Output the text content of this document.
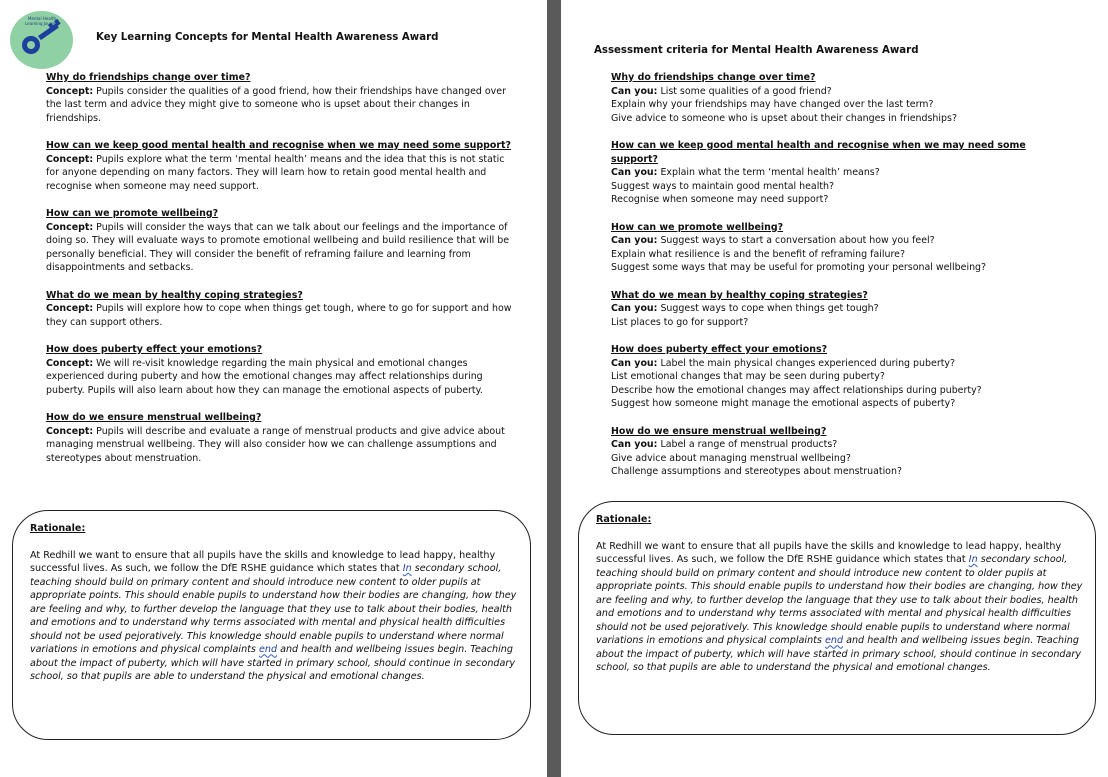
Mental Health Learning Journey
Key Learning Concepts for Mental Health Awareness Award

Why do friendships change over time?

Concept: Pupils consider the qualities of a good friend, how their friendships have changed over the last term and advice they might give to someone who is upset about their changes in friendships.

How can we keep good mental health and recognise when we may need some support?

Concept: Pupils explore what the term ‘mental health’ means and the idea that this is not static for anyone depending on many factors. They will learn how to retain good mental health and recognise when someone may need support.

How can we promote wellbeing?

Concept: Pupils will consider the ways that can we talk about our feelings and the importance of doing so. They will evaluate ways to promote emotional wellbeing and build resilience that will be personally beneficial. They will consider the benefit of reframing failure and learning from disappointments and setbacks.

What do we mean by healthy coping strategies?

Concept: Pupils will explore how to cope when things get tough, where to go for support and how they can support others.

How does puberty effect your emotions?

Concept: We will re-visit knowledge regarding the main physical and emotional changes experienced during puberty and how the emotional changes may affect relationships during puberty. Pupils will also learn about how they can manage the emotional aspects of puberty.

How do we ensure menstrual wellbeing?

Concept: Pupils will describe and evaluate a range of menstrual products and give advice about managing menstrual wellbeing. They will also consider how we can challenge assumptions and stereotypes about menstruation.

Rationale:

At Redhill we want to ensure that all pupils have the skills and knowledge to lead happy, healthy successful lives. As such, we follow the DfE RSHE guidance which states that In secondary school, teaching should build on primary content and should introduce new content to older pupils at appropriate points. This should enable pupils to understand how their bodies are changing, how they are feeling and why, to further develop the language that they use to talk about their bodies, health and emotions and to understand why terms associated with mental and physical health difficulties should not be used pejoratively. This knowledge should enable pupils to understand where normal variations in emotions and physical complaints end and health and wellbeing issues begin. Teaching about the impact of puberty, which will have started in primary school, should continue in secondary school, so that pupils are able to understand the physical and emotional changes.

Assessment criteria for Mental Health Awareness Award

Why do friendships change over time?

Can you: List some qualities of a good friend?

Explain why your friendships may have changed over the last term?

Give advice to someone who is upset about their changes in friendships?

How can we keep good mental health and recognise when we may need some support?

Can you: Explain what the term ‘mental health’ means?

Suggest ways to maintain good mental health?

Recognise when someone may need support?

How can we promote wellbeing?

Can you: Suggest ways to start a conversation about how you feel?

Explain what resilience is and the benefit of reframing failure?

Suggest some ways that may be useful for promoting your personal wellbeing?

What do we mean by healthy coping strategies?

Can you: Suggest ways to cope when things get tough?

List places to go for support?

How does puberty effect your emotions?

Can you: Label the main physical changes experienced during puberty?

List emotional changes that may be seen during puberty?

Describe how the emotional changes may affect relationships during puberty?

Suggest how someone might manage the emotional aspects of puberty?

How do we ensure menstrual wellbeing?

Can you: Label a range of menstrual products?

Give advice about managing menstrual wellbeing?

Challenge assumptions and stereotypes about menstruation?

Rationale:

At Redhill we want to ensure that all pupils have the skills and knowledge to lead happy, healthy successful lives. As such, we follow the DfE RSHE guidance which states that In secondary school, teaching should build on primary content and should introduce new content to older pupils at appropriate points. This should enable pupils to understand how their bodies are changing, how they are feeling and why, to further develop the language that they use to talk about their bodies, health and emotions and to understand why terms associated with mental and physical health difficulties should not be used pejoratively. This knowledge should enable pupils to understand where normal variations in emotions and physical complaints end and health and wellbeing issues begin. Teaching about the impact of puberty, which will have started in primary school, should continue in secondary school, so that pupils are able to understand the physical and emotional changes.
